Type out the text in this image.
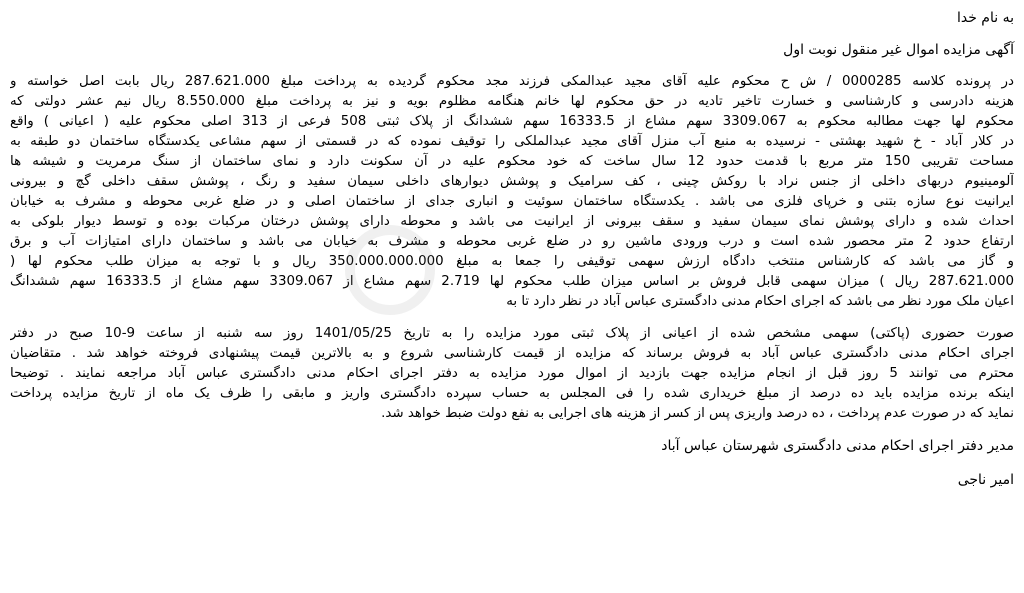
به نام خدا
آگهی مزایده اموال غیر منقول نوبت اول
در پرونده کلاسه 0000285 / ش ح محکوم علیه آقای مجید عبدالمکی فرزند مجد محکوم گردیده به پرداخت مبلغ 287.621.000 ریال بابت اصل خواسته و
هزینه دادرسی و کارشناسی و خسارت تاخیر تادیه در حق محکوم لها خانم هنگامه مظلوم بویه و نیز به پرداخت مبلغ 8.550.000 ریال نیم عشر دولتی که
محکوم لها جهت مطالبه محکوم به 3309.067 سهم مشاع از 16333.5 سهم ششدانگ از پلاک ثبتی 508 فرعی از 313 اصلی محکوم علیه ( اعیانی ) واقع
در کلار آباد - خ شهید بهشتی - نرسیده به منبع آب منزل آقای مجید عبدالملکی را توقیف نموده که در قسمتی از سهم مشاعی یکدستگاه ساختمان دو طبقه به
مساحت تقریبی 150 متر مربع با قدمت حدود 12 سال ساخت که خود محکوم علیه در آن سکونت دارد و نمای ساختمان از سنگ مرمریت و شیشه ها
آلومینیوم دربهای داخلی از جنس نراد با روکش چینی ، کف سرامیک و پوشش دیوارهای داخلی سیمان سفید و رنگ ، پوشش سقف داخلی گچ و بیرونی
ایرانیت نوع سازه بتنی و خرپای فلزی می باشد . یکدستگاه ساختمان سوئیت و انباری جدای از ساختمان اصلی و در ضلع غربی محوطه و مشرف به خیابان
احداث شده و دارای پوشش نمای سیمان سفید و سقف بیرونی از ایرانیت می باشد و محوطه دارای پوشش درختان مرکبات بوده و توسط دیوار بلوکی به
ارتفاع حدود 2 متر محصور شده است و درب ورودی ماشین رو در ضلع غربی محوطه و مشرف به خیابان می باشد و ساختمان دارای امتیازات آب و برق
و گاز می باشد که کارشناس منتخب دادگاه ارزش سهمی توقیفی را جمعا به مبلغ 350.000.000.000 ریال و با توجه به میزان طلب محکوم لها (
287.621.000 ریال ) میزان سهمی قابل فروش بر اساس میزان طلب محکوم لها 2.719 سهم مشاع از 3309.067 سهم مشاع از 16333.5 سهم ششدانگ
اعیان ملک مورد نظر می باشد که اجرای احکام مدنی دادگستری عباس آباد در نظر دارد تا به
صورت حضوری (پاکتی) سهمی مشخص شده از اعیانی از پلاک ثبتی مورد مزایده را به تاریخ 1401/05/25 روز سه شنبه از ساعت 9-10 صبح در دفتر
اجرای احکام مدنی دادگستری عباس آباد به فروش برساند که مزایده از قیمت کارشناسی شروع و به بالاترین قیمت پیشنهادی فروخته خواهد شد . متقاضیان
محترم می توانند 5 روز قبل از انجام مزایده جهت بازدید از اموال مورد مزایده به دفتر اجرای احکام مدنی دادگستری عباس آباد مراجعه نمایند . توضیحا
اینکه برنده مزایده باید ده درصد از مبلغ خریداری شده را فی المجلس به حساب سپرده دادگستری واریز و مابقی را ظرف یک ماه از تاریخ مزایده پرداخت
نماید که در صورت عدم پرداخت ، ده درصد واریزی پس از کسر از هزینه های اجرایی به نفع دولت ضبط خواهد شد.
مدیر دفتر اجرای احکام مدنی دادگستری شهرستان عباس آباد
امیر ناجی
